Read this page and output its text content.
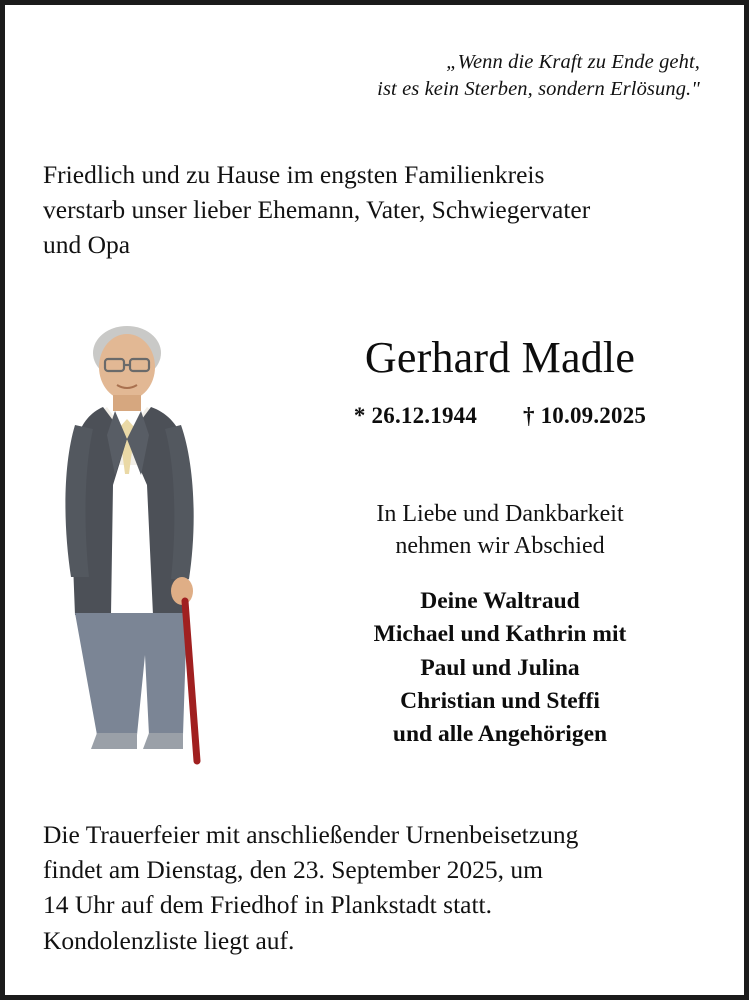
„Wenn die Kraft zu Ende geht,
ist es kein Sterben, sondern Erlösung."
Friedlich und zu Hause im engsten Familienkreis
verstarb unser lieber Ehemann, Vater, Schwiegervater
und Opa
Gerhard Madle
* 26.12.1944 † 10.09.2025
In Liebe und Dankbarkeit
nehmen wir Abschied
Deine Waltraud
Michael und Kathrin mit
Paul und Julina
Christian und Steffi
und alle Angehörigen
Die Trauerfeier mit anschließender Urnenbeisetzung
findet am Dienstag, den 23. September 2025, um
14 Uhr auf dem Friedhof in Plankstadt statt.
Kondolenzliste liegt auf.
